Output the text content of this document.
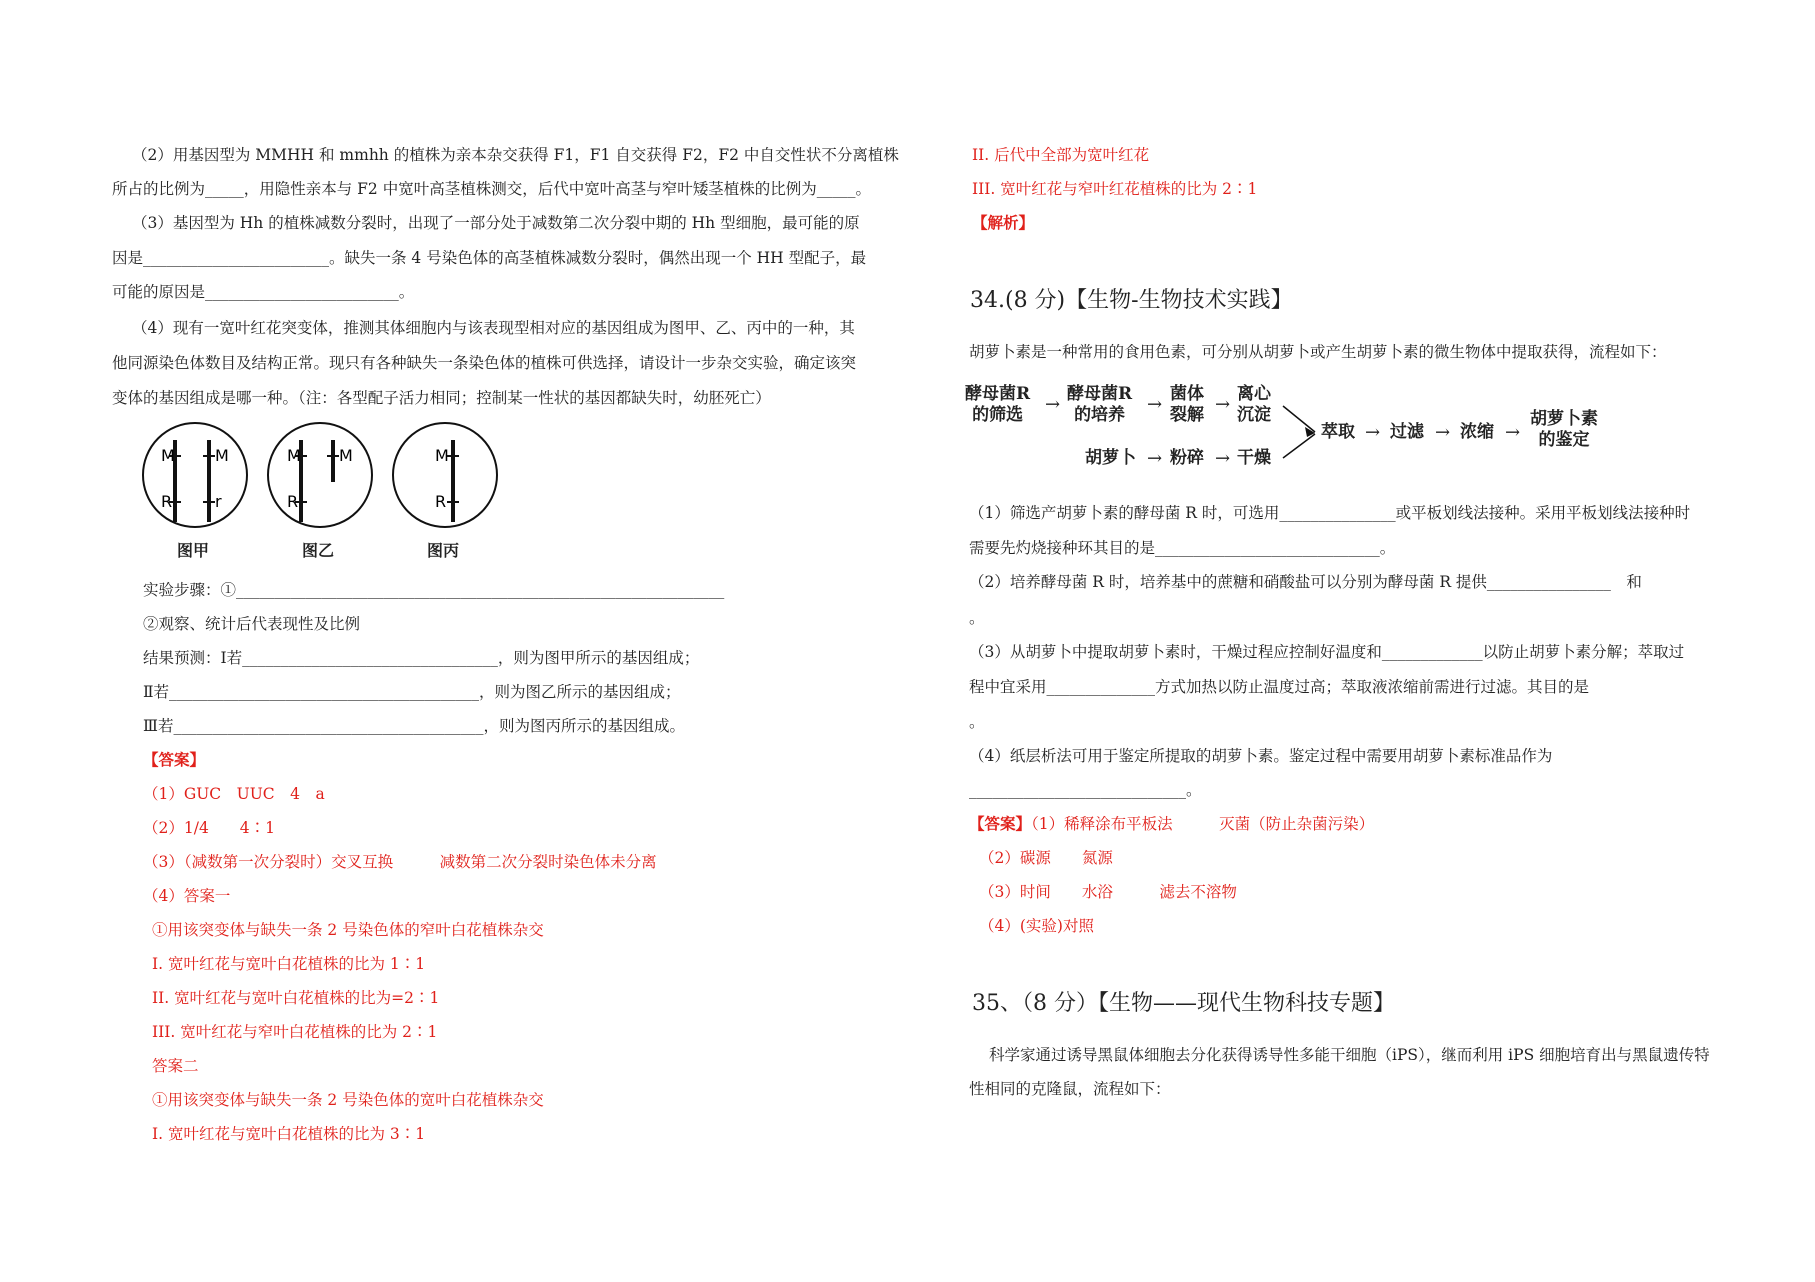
（2）用基因型为 MMHH 和 mmhh 的植株为亲本杂交获得 F1，F1 自交获得 F2，F2 中自交性状不分离植株
所占的比例为_____，用隐性亲本与 F2 中宽叶高茎植株测交，后代中宽叶高茎与窄叶矮茎植株的比例为_____。
（3）基因型为 Hh 的植株减数分裂时，出现了一部分处于减数第二次分裂中期的 Hh 型细胞，最可能的原
因是________________________。缺失一条 4 号染色体的高茎植株减数分裂时，偶然出现一个 HH 型配子，最
可能的原因是_________________________。
（4）现有一宽叶红花突变体，推测其体细胞内与该表现型相对应的基因组成为图甲、乙、丙中的一种，其
他同源染色体数目及结构正常。现只有各种缺失一条染色体的植株可供选择，请设计一步杂交实验，确定该突
变体的基因组成是哪一种。（注：各型配子活力相同；控制某一性状的基因都缺失时，幼胚死亡）
M	M
R	r
M M
R
M
R
图甲	图乙	图丙
实验步骤：①_______________________________________________________________
②观察、统计后代表现性及比例
结果预测：Ⅰ若_________________________________，则为图甲所示的基因组成；
Ⅱ若________________________________________，则为图乙所示的基因组成；
Ⅲ若________________________________________，则为图丙所示的基因组成。
【答案】
（1）GUC　UUC　4　a
（2）1/4　　4∶1
（3）（减数第一次分裂时）交叉互换　　　减数第二次分裂时染色体未分离
（4）答案一
①用该突变体与缺失一条 2 号染色体的窄叶白花植株杂交
I. 宽叶红花与宽叶白花植株的比为 1∶1
II. 宽叶红花与宽叶白花植株的比为=2∶1
III. 宽叶红花与窄叶白花植株的比为 2∶1
答案二
①用该突变体与缺失一条 2 号染色体的宽叶白花植株杂交
I. 宽叶红花与宽叶白花植株的比为 3∶1
II. 后代中全部为宽叶红花
III. 宽叶红花与窄叶红花植株的比为 2∶1
【解析】
34.(8 分)【生物-生物技术实践】
胡萝卜素是一种常用的食用色素，可分别从胡萝卜或产生胡萝卜素的微生物体中提取获得，流程如下：
酵母菌R
的筛选	→ 酵母菌R
的培养	→ 菌体
裂解 → 离心
沉淀
胡萝卜 → 粉碎 → 干燥
萃取 → 过滤 → 浓缩 →
胡萝卜素
的鉴定
（1）筛选产胡萝卜素的酵母菌 R 时，可选用_______________或平板划线法接种。采用平板划线法接种时
需要先灼烧接种环其目的是_____________________________。
（2）培养酵母菌 R 时，培养基中的蔗糖和硝酸盐可以分别为酵母菌 R 提供________________　和
。
（3）从胡萝卜中提取胡萝卜素时，干燥过程应控制好温度和_____________以防止胡萝卜素分解；萃取过
程中宜采用______________方式加热以防止温度过高；萃取液浓缩前需进行过滤。其目的是
。
（4）纸层析法可用于鉴定所提取的胡萝卜素。鉴定过程中需要用胡萝卜素标准品作为
____________________________。
【答案】（1）稀释涂布平板法　　　灭菌（防止杂菌污染）
（2）碳源　　氮源
（3）时间　　水浴　　　滤去不溶物
（4）(实验)对照
35、（8 分）【生物——现代生物科技专题】
科学家通过诱导黑鼠体细胞去分化获得诱导性多能干细胞（iPS），继而利用 iPS 细胞培育出与黑鼠遗传特
性相同的克隆鼠，流程如下：
